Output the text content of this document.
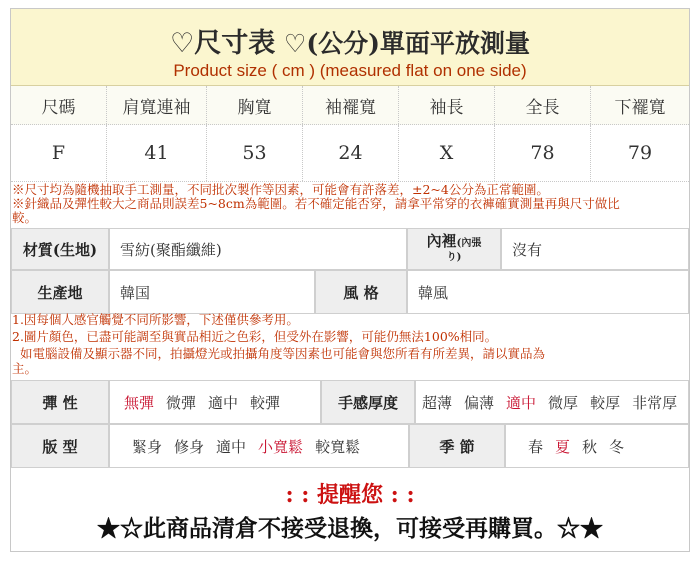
♡尺寸表 ♡(公分)單面平放測量
Product size ( cm ) (measured flat on one side)
尺碼	肩寬連袖	胸寬	袖襬寬	袖長	全長	下襬寬
F	41	53	24	X	78	79
※尺寸均為隨機抽取手工測量，不同批次製作等因素，可能會有許落差，±2~4公分為正常範圍。
※針織品及彈性較大之商品則誤差5~8cm為範圍。若不確定能否穿，請拿平常穿的衣褲確實測量再與尺寸做比
較。
材質(生地)	雪紡(聚酯纖維)	內裡(內張
り)	沒有
生產地	韓国	風 格	韓風
1.因每個人感官觸覺不同所影響，下述僅供參考用。
2.圖片顏色，已盡可能調至與實品相近之色彩，但受外在影響，可能仍無法100%相同。
如電腦設備及顯示器不同，拍攝燈光或拍攝角度等因素也可能會與您所看有所差異，請以實品為
主。
彈 性	無彈 微彈 適中 較彈	手感厚度	超薄 偏薄 適中 微厚 較厚 非常厚
版 型	緊身 修身 適中 小寬鬆 較寬鬆	季 節	春 夏 秋 冬
: : 提醒您 : :
★☆此商品清倉不接受退換，可接受再購買。☆★
